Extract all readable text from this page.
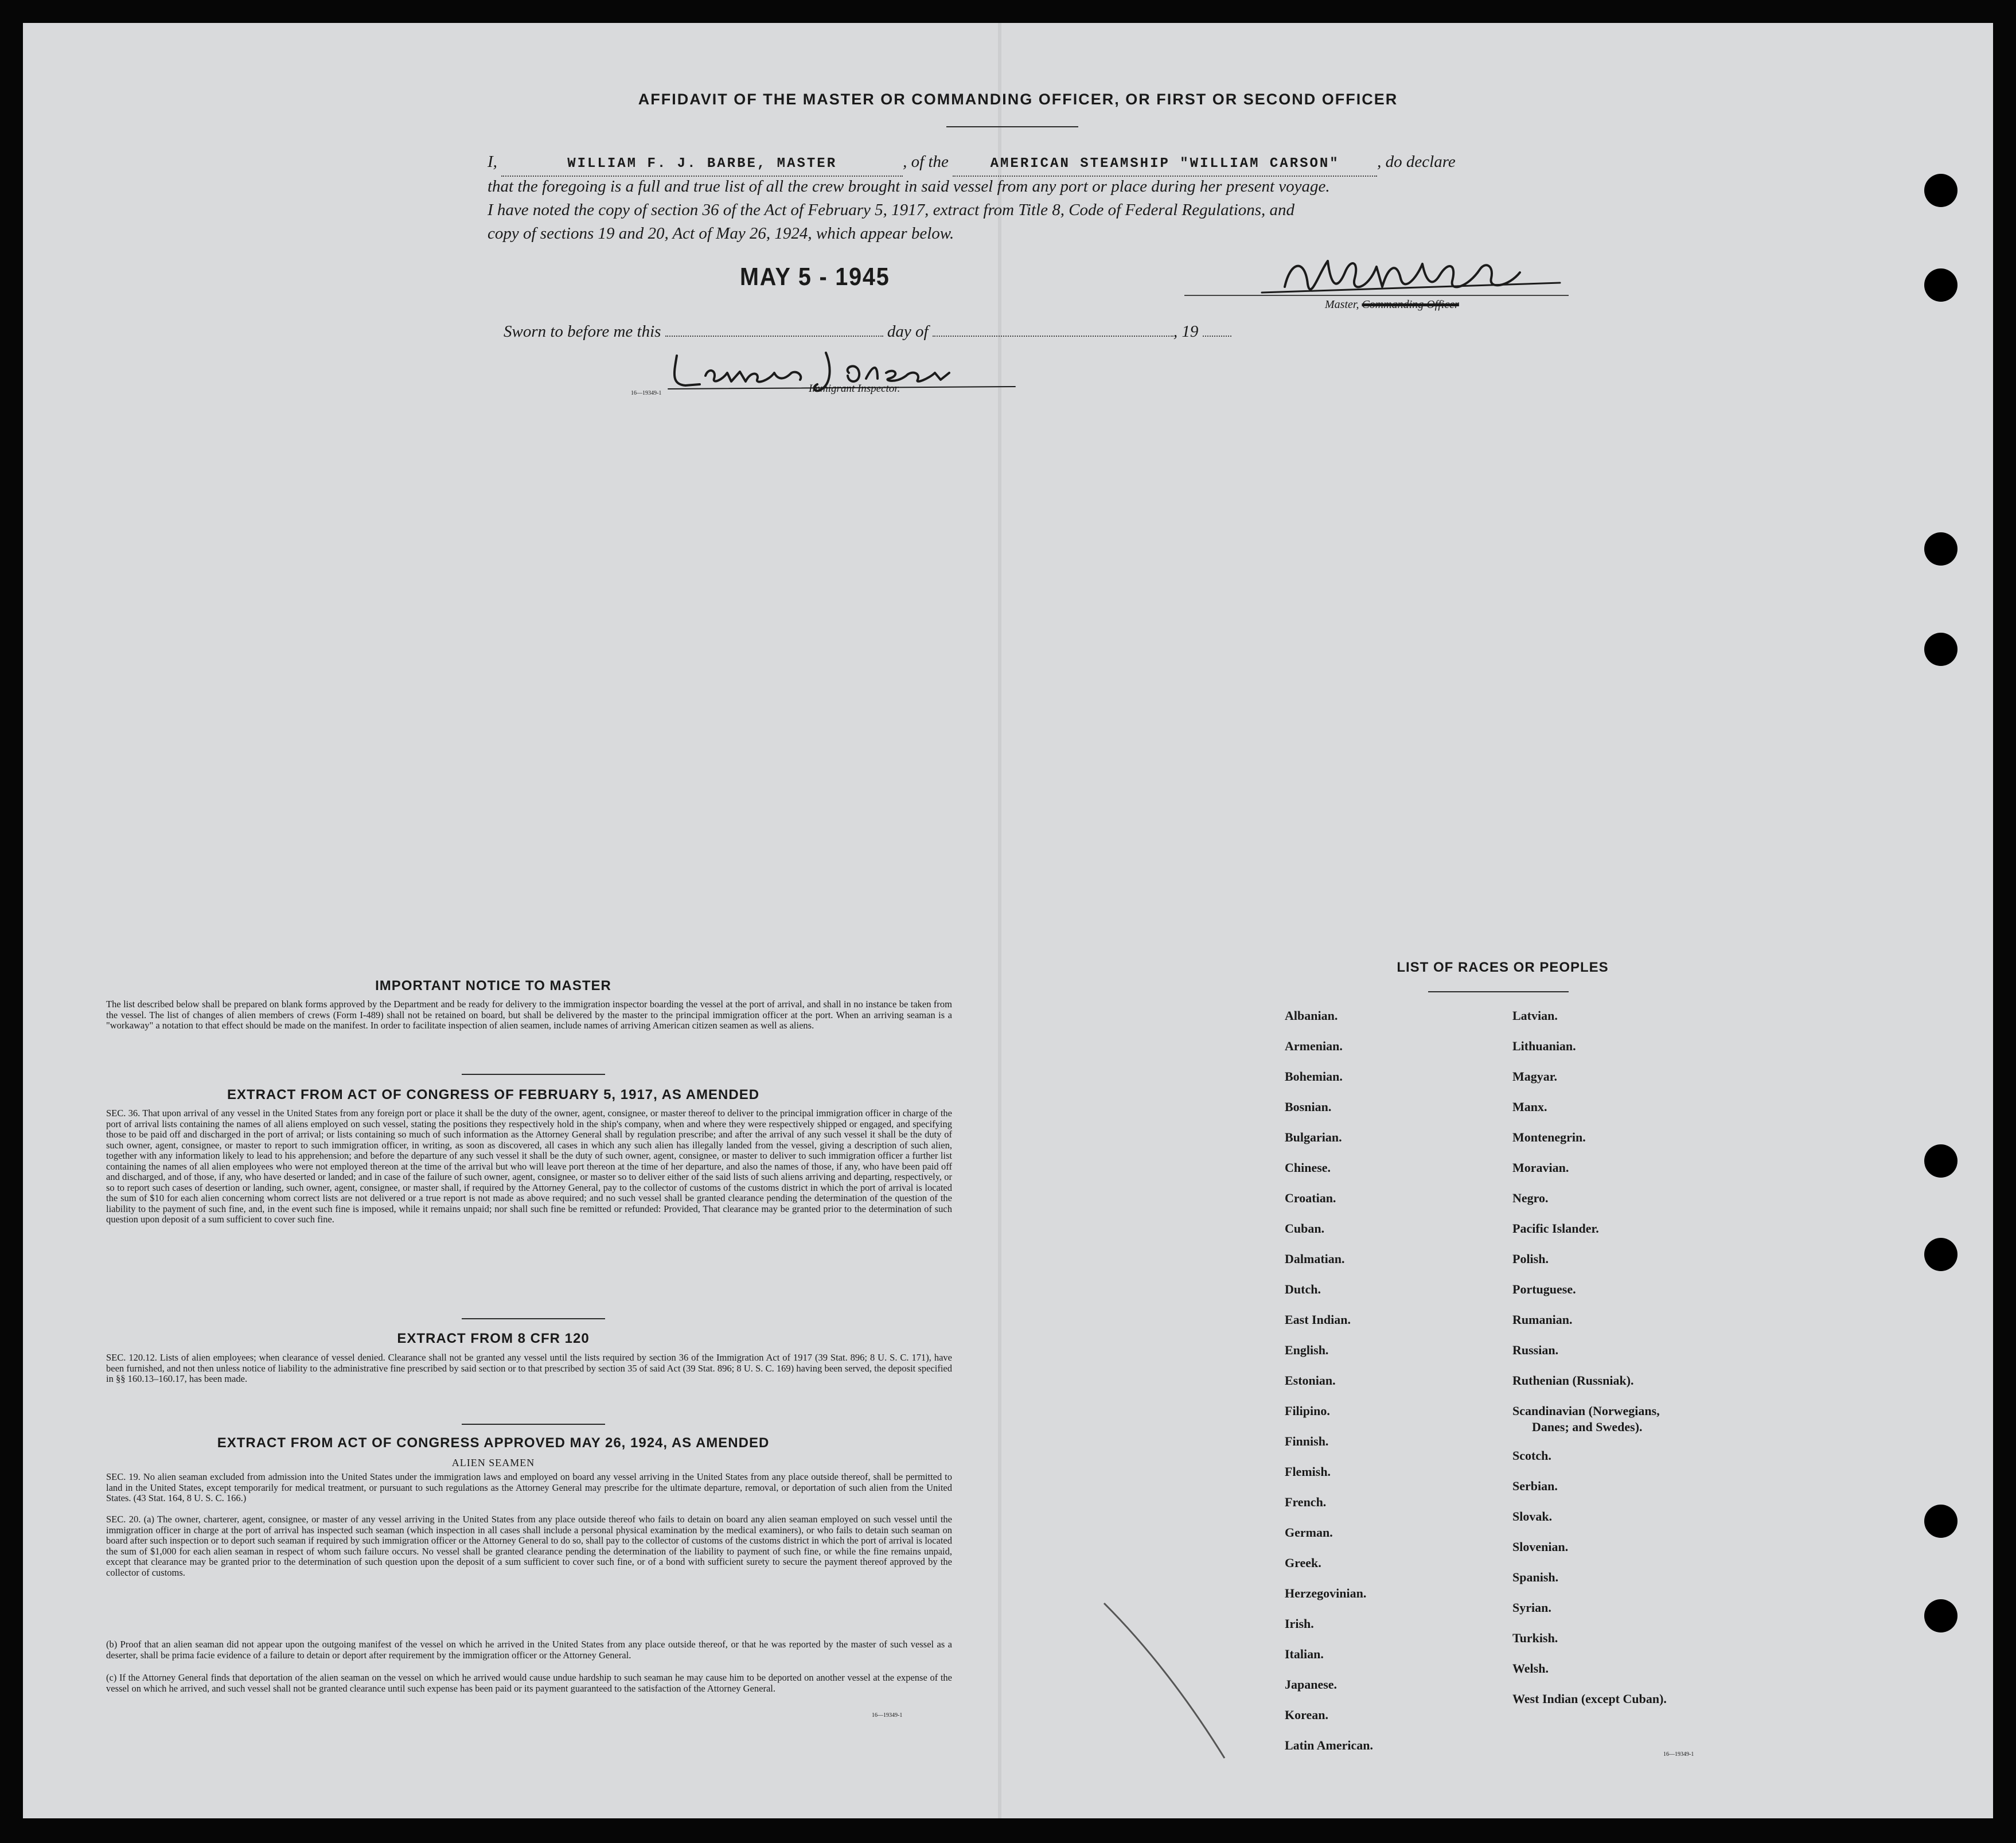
AFFIDAVIT OF THE MASTER OR COMMANDING OFFICER, OR FIRST OR SECOND OFFICER
I,	WILLIAM F. J. BARBE, MASTER	, of the	AMERICAN STEAMSHIP "WILLIAM CARSON" , do declare
that the foregoing is a full and true list of all the crew brought in said vessel from any port or place during her present voyage.
I have noted the copy of section 36 of the Act of February 5, 1917, extract from Title 8, Code of Federal Regulations, and
copy of sections 19 and 20, Act of May 26, 1924, which appear below.
MAY 5 - 1945
Master, Commanding Officer
Sworn to before me this	day of	, 19
16—19349-1	Immigrant Inspector.
IMPORTANT NOTICE TO MASTER
The list described below shall be prepared on blank forms approved by the Department and be ready for delivery to the immigration inspector boarding the vessel at the port of arrival, and shall in no instance be taken from the vessel. The list of changes of alien members of crews (Form I-489) shall not be retained on board, but shall be delivered by the master to the principal immigration officer at the port. When an arriving seaman is a "workaway" a notation to that effect should be made on the manifest. In order to facilitate inspection of alien seamen, include names of arriving American citizen seamen as well as aliens.
EXTRACT FROM ACT OF CONGRESS OF FEBRUARY 5, 1917, AS AMENDED
SEC. 36. That upon arrival of any vessel in the United States from any foreign port or place it shall be the duty of the owner, agent, consignee, or master thereof to deliver to the principal immigration officer in charge of the port of arrival lists containing the names of all aliens employed on such vessel, stating the positions they respectively hold in the ship's company, when and where they were respectively shipped or engaged, and specifying those to be paid off and discharged in the port of arrival; or lists containing so much of such information as the Attorney General shall by regulation prescribe; and after the arrival of any such vessel it shall be the duty of such owner, agent, consignee, or master to report to such immigration officer, in writing, as soon as discovered, all cases in which any such alien has illegally landed from the vessel, giving a description of such alien, together with any information likely to lead to his apprehension; and before the departure of any such vessel it shall be the duty of such owner, agent, consignee, or master to deliver to such immigration officer a further list containing the names of all alien employees who were not employed thereon at the time of the arrival but who will leave port thereon at the time of her departure, and also the names of those, if any, who have been paid off and discharged, and of those, if any, who have deserted or landed; and in case of the failure of such owner, agent, consignee, or master so to deliver either of the said lists of such aliens arriving and departing, respectively, or so to report such cases of desertion or landing, such owner, agent, consignee, or master shall, if required by the Attorney General, pay to the collector of customs of the customs district in which the port of arrival is located the sum of $10 for each alien concerning whom correct lists are not delivered or a true report is not made as above required; and no such vessel shall be granted clearance pending the determination of the question of the liability to the payment of such fine, and, in the event such fine is imposed, while it remains unpaid; nor shall such fine be remitted or refunded: Provided, That clearance may be granted prior to the determination of such question upon deposit of a sum sufficient to cover such fine.
EXTRACT FROM 8 CFR 120
SEC. 120.12. Lists of alien employees; when clearance of vessel denied. Clearance shall not be granted any vessel until the lists required by section 36 of the Immigration Act of 1917 (39 Stat. 896; 8 U. S. C. 171), have been furnished, and not then unless notice of liability to the administrative fine prescribed by said section or to that prescribed by section 35 of said Act (39 Stat. 896; 8 U. S. C. 169) having been served, the deposit specified in §§ 160.13–160.17, has been made.
EXTRACT FROM ACT OF CONGRESS APPROVED MAY 26, 1924, AS AMENDED
ALIEN SEAMEN
SEC. 19. No alien seaman excluded from admission into the United States under the immigration laws and employed on board any vessel arriving in the United States from any place outside thereof, shall be permitted to land in the United States, except temporarily for medical treatment, or pursuant to such regulations as the Attorney General may prescribe for the ultimate departure, removal, or deportation of such alien from the United States. (43 Stat. 164, 8 U. S. C. 166.)
SEC. 20. (a) The owner, charterer, agent, consignee, or master of any vessel arriving in the United States from any place outside thereof who fails to detain on board any alien seaman employed on such vessel until the immigration officer in charge at the port of arrival has inspected such seaman (which inspection in all cases shall include a personal physical examination by the medical examiners), or who fails to detain such seaman on board after such inspection or to deport such seaman if required by such immigration officer or the Attorney General to do so, shall pay to the collector of customs of the customs district in which the port of arrival is located the sum of $1,000 for each alien seaman in respect of whom such failure occurs. No vessel shall be granted clearance pending the determination of the liability to payment of such fine, or while the fine remains unpaid, except that clearance may be granted prior to the determination of such question upon the deposit of a sum sufficient to cover such fine, or of a bond with sufficient surety to secure the payment thereof approved by the collector of customs.
(b) Proof that an alien seaman did not appear upon the outgoing manifest of the vessel on which he arrived in the United States from any place outside thereof, or that he was reported by the master of such vessel as a deserter, shall be prima facie evidence of a failure to detain or deport after requirement by the immigration officer or the Attorney General.
(c) If the Attorney General finds that deportation of the alien seaman on the vessel on which he arrived would cause undue hardship to such seaman he may cause him to be deported on another vessel at the expense of the vessel on which he arrived, and such vessel shall not be granted clearance until such expense has been paid or its payment guaranteed to the satisfaction of the Attorney General.
16—19349-1
LIST OF RACES OR PEOPLES
Albanian.
Armenian.
Bohemian.
Bosnian.
Bulgarian.
Chinese.
Croatian.
Cuban.
Dalmatian.
Dutch.
East Indian.
English.
Estonian.
Filipino.
Finnish.
Flemish.
French.
German.
Greek.
Herzegovinian.
Irish.
Italian.
Japanese.
Korean.
Latin American.
Latvian.
Lithuanian.
Magyar.
Manx.
Montenegrin.
Moravian.
Negro.
Pacific Islander.
Polish.
Portuguese.
Rumanian.
Russian.
Ruthenian (Russniak).
Scandinavian (Norwegians,
Danes; and Swedes).
Scotch.
Serbian.
Slovak.
Slovenian.
Spanish.
Syrian.
Turkish.
Welsh.
West Indian (except Cuban).
16—19349-1
